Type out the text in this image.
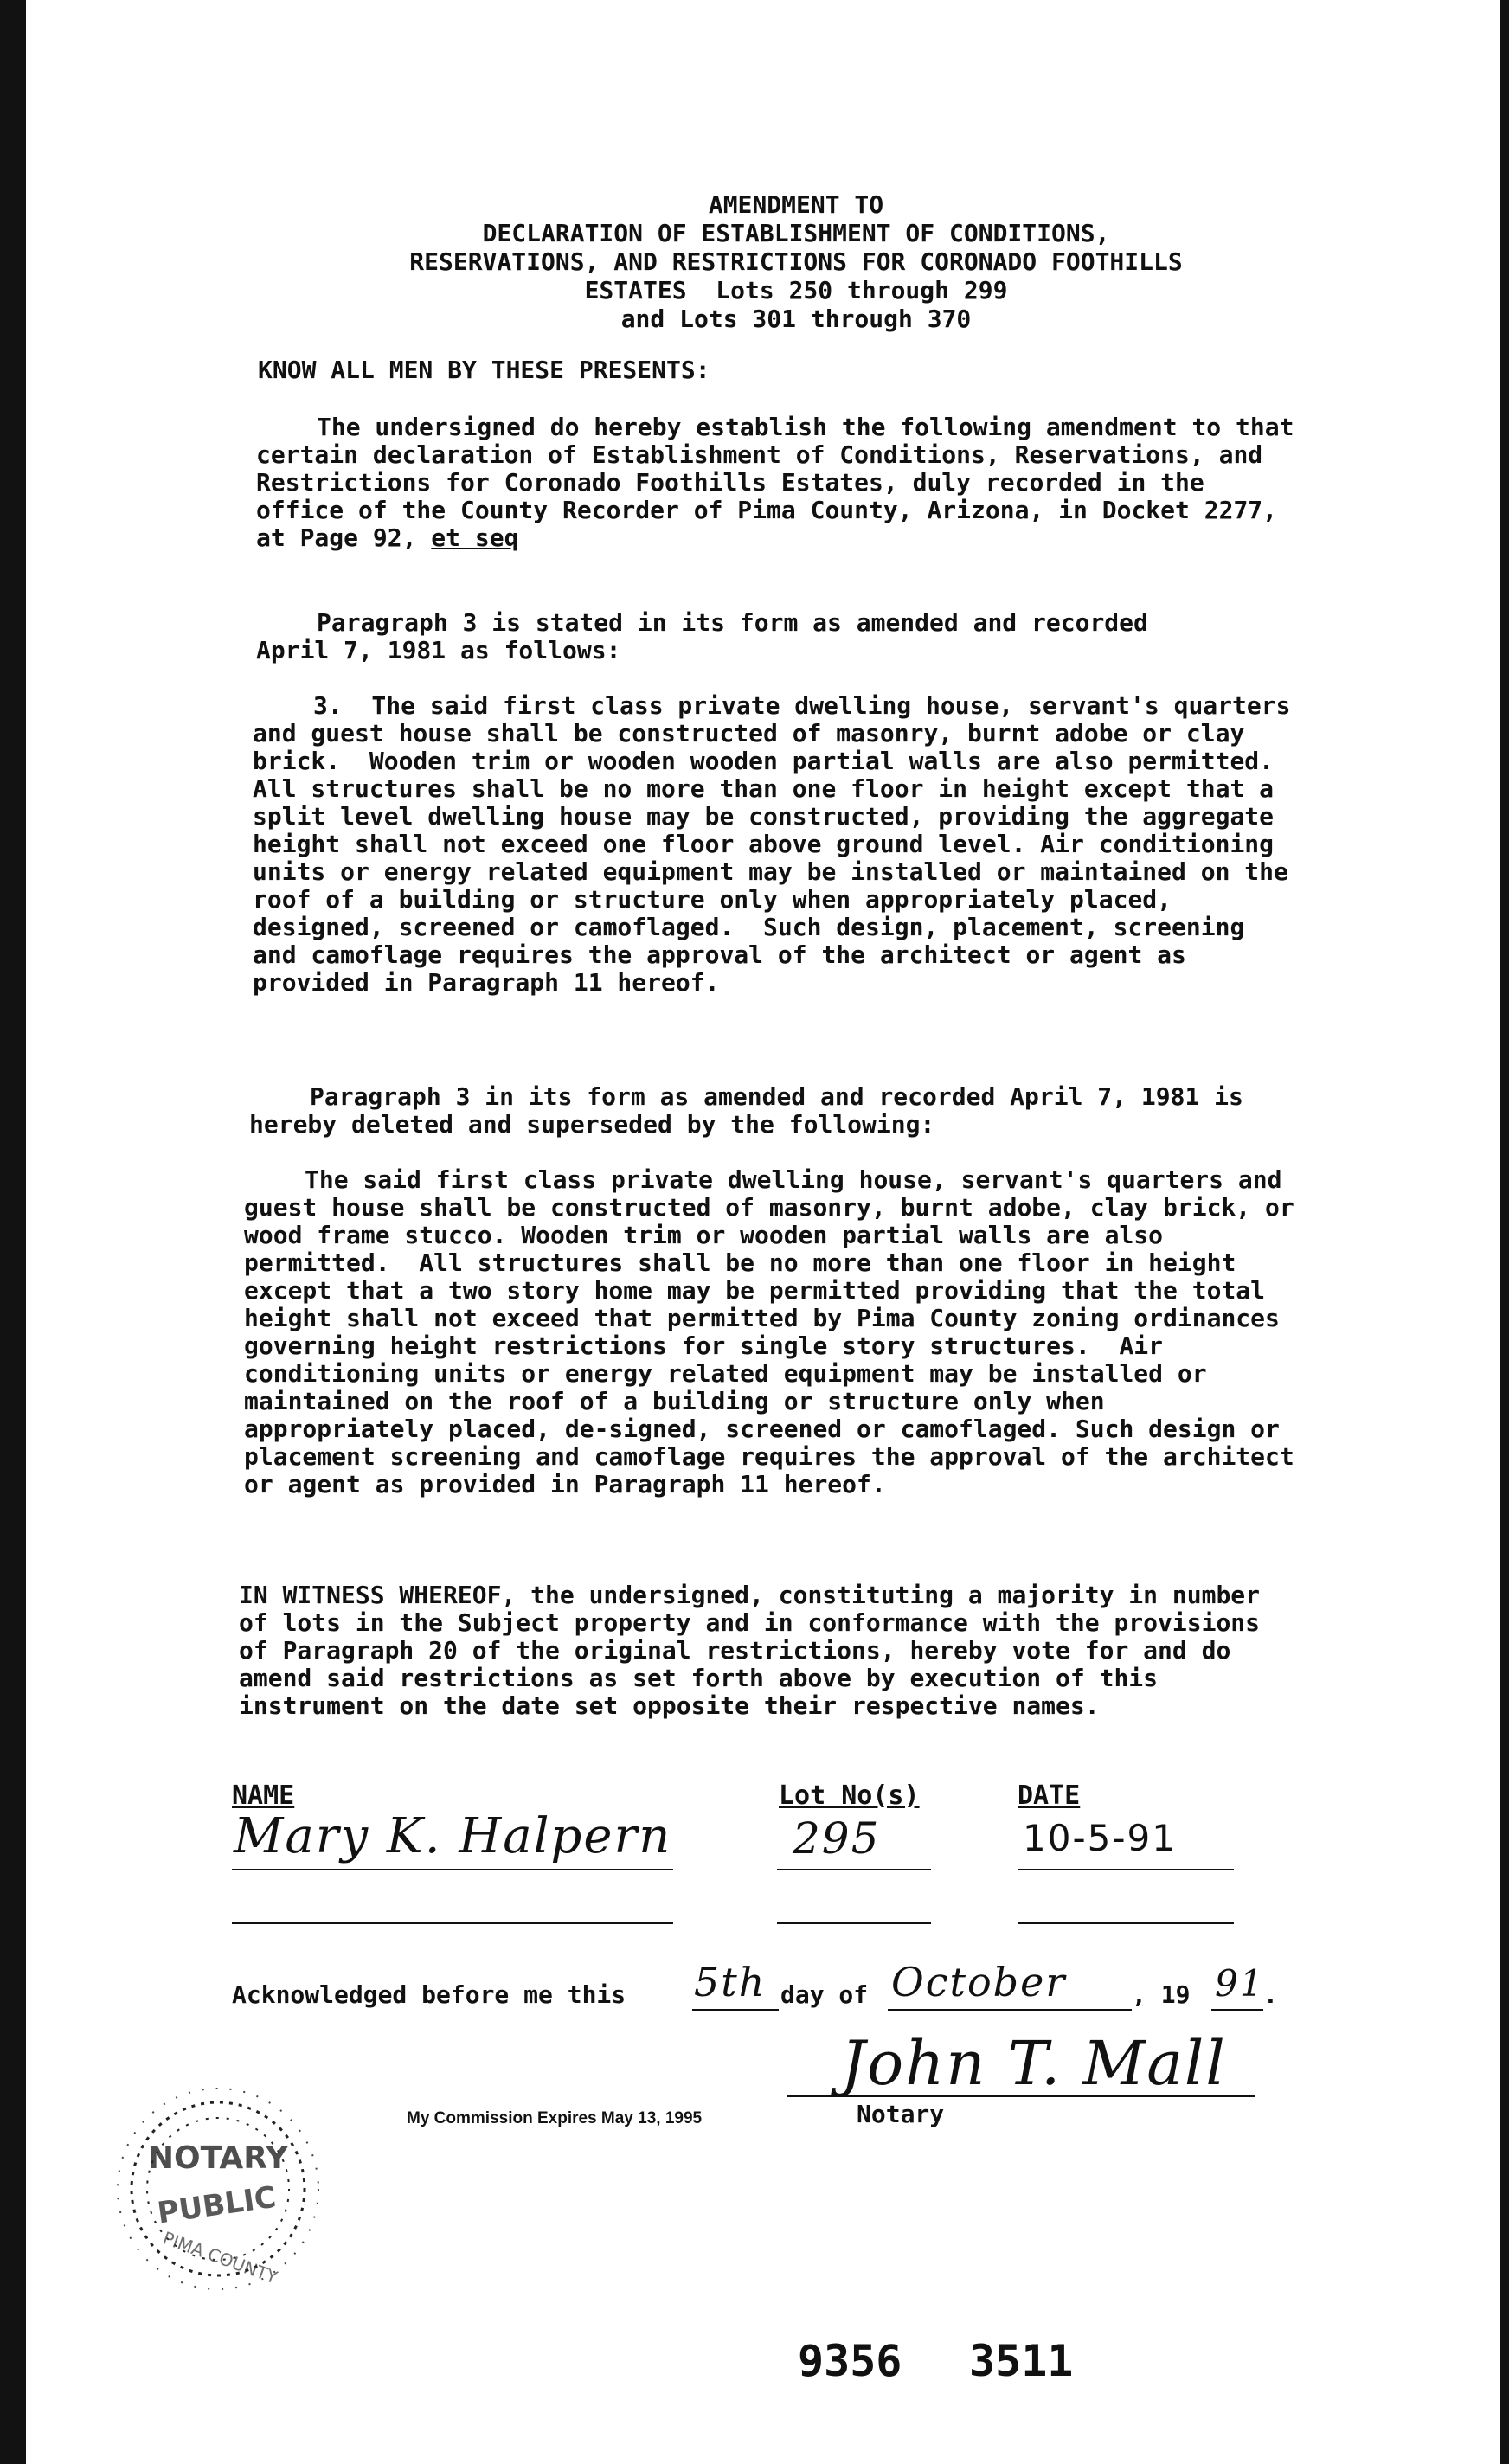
AMENDMENT TO
DECLARATION OF ESTABLISHMENT OF CONDITIONS,
RESERVATIONS, AND RESTRICTIONS FOR CORONADO FOOTHILLS
ESTATES  Lots 250 through 299
and Lots 301 through 370
KNOW ALL MEN BY THESE PRESENTS:
The undersigned do hereby establish the following amendment to that certain declaration of Establishment of Conditions, Reservations, and Restrictions for Coronado Foothills Estates, duly recorded in the office of the County Recorder of Pima County, Arizona, in Docket 2277, at Page 92, et seq
Paragraph 3 is stated in its form as amended and recorded April 7, 1981 as follows:
3.  The said first class private dwelling house, servant's quarters and guest house shall be constructed of masonry, burnt adobe or clay brick.  Wooden trim or wooden wooden partial walls are also permitted. All structures shall be no more than one floor in height except that a split level dwelling house may be constructed, providing the aggregate height shall not exceed one floor above ground level. Air conditioning  units or energy related equipment may be installed or maintained on the roof of a building or structure only when appropriately placed, designed, screened or camoflaged.  Such design, placement, screening and camoflage requires the approval of the architect or agent as provided in Paragraph 11 hereof.
Paragraph 3 in its form as amended and recorded April 7, 1981 is hereby deleted and superseded by the following:
The said first class private dwelling house, servant's quarters and guest house shall be constructed of masonry, burnt adobe, clay brick, or wood frame stucco. Wooden trim or wooden partial walls are also permitted.  All structures shall be no more than one floor in height except that a two story home may be permitted providing that the total height shall not exceed that permitted by Pima County zoning ordinances governing height restrictions for single story structures.  Air conditioning units or energy related equipment may be installed or maintained on the roof of a building or structure only when appropriately placed, de-signed, screened or camoflaged. Such design or placement screening and camoflage requires the approval of the architect or agent as provided in Paragraph 11 hereof.
IN WITNESS WHEREOF, the undersigned, constituting a majority in number of lots in the Subject property and in conformance with the provisions of Paragraph 20 of the original restrictions, hereby vote for and do amend said restrictions as set forth above by execution of this instrument on the date set opposite their respective names.
NAME	Lot No(s)	DATE
Mary K. Halpern	295	10-5-91
Acknowledged before me this 5th day of October	, 19 91
.
John T. Mall
Notary
My Commission Expires May 13, 1995
NOTARY
PUBLIC
PIMA COUNTY
9356 3511
